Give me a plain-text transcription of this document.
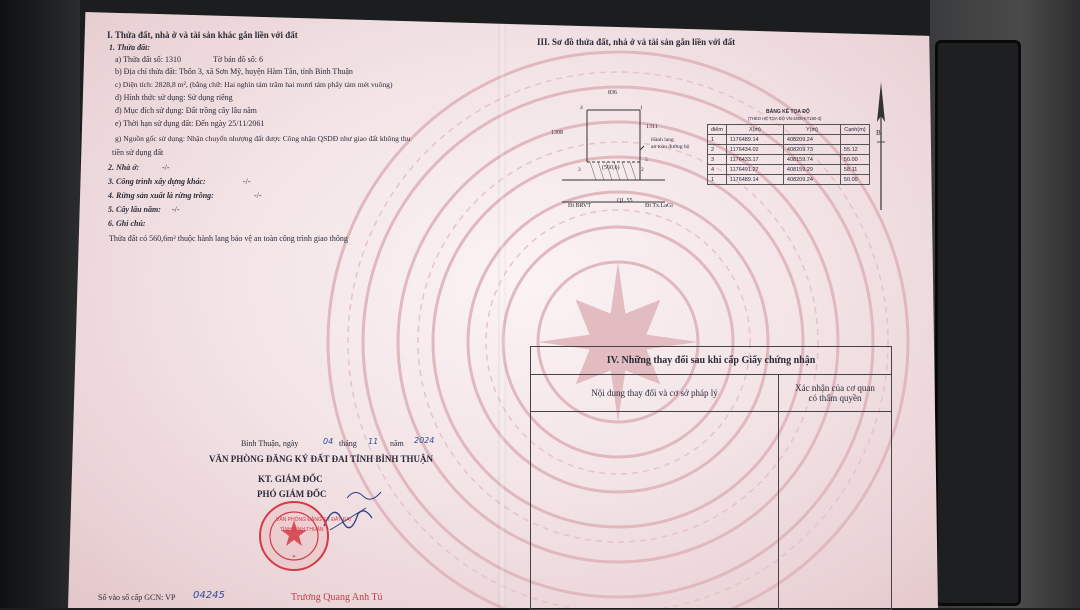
I. Thửa đất, nhà ở và tài sản khác gắn liền với đất
1. Thửa đất:
a) Thửa đất số: 1310	Tờ bản đồ số: 6
b) Địa chỉ thửa đất: Thôn 3, xã Sơn Mỹ, huyện Hàm Tân, tỉnh Bình Thuận
c) Diện tích: 2828,8 m², (bằng chữ: Hai nghìn tám trăm hai mươi tám phẩy tám mét vuông)
d) Hình thức sử dụng: Sử dụng riêng
đ) Mục đích sử dụng: Đất trồng cây lâu năm
e) Thời hạn sử dụng đất: Đến ngày 25/11/2061
g) Nguồn gốc sử dụng: Nhận chuyển nhượng đất được Công nhận QSDĐ như giao đất không thu
tiền sử dụng đất
2. Nhà ở:	-/-
3. Công trình xây dựng khác:	-/-
4. Rừng sản xuất là rừng trồng:	-/-
5. Cây lâu năm: -/-
6. Ghi chú:
Thửa đất có 560,6m² thuộc hành lang bảo vệ an toàn công trình giao thông
Bình Thuận, ngày	04 tháng 11 năm 2024
VĂN PHÒNG ĐĂNG KÝ ĐẤT ĐAI TỈNH BÌNH THUẬN
KT. GIÁM ĐỐC
PHÓ GIÁM ĐỐC
✦
VĂN PHÒNG ĐĂNG KÝ ĐẤT ĐAI
TỈNH BÌNH THUẬN
Trương Quang Anh Tú
Số vào sổ cấp GCN: VP 04245
III. Sơ đồ thửa đất, nhà ở và tài sản gắn liền với đất
836
1308
1311
Hành lang
an toàn đường bộ
(560,6)
QL.55
Đi BRVT	Đi Tx.LaGi
1
4
3	2
5
BẢNG KÊ TỌA ĐỘ
(THEO HỆ TỌA ĐỘ VN-2000-KT180-3)
điểm	X(m)	Y(m)	Cạnh(m)
1	1176489.14	408209.24	
2	1176434.02	408209.73	55.12
3	1176433.17	408159.74	50.00
4	1176491.27	408159.29	58.11
1	1176489.14	408209.24	50.00
B
IV. Những thay đổi sau khi cấp Giấy chứng nhận
Nội dung thay đổi và cơ sở pháp lý	Xác nhận của cơ quan
có thẩm quyền
